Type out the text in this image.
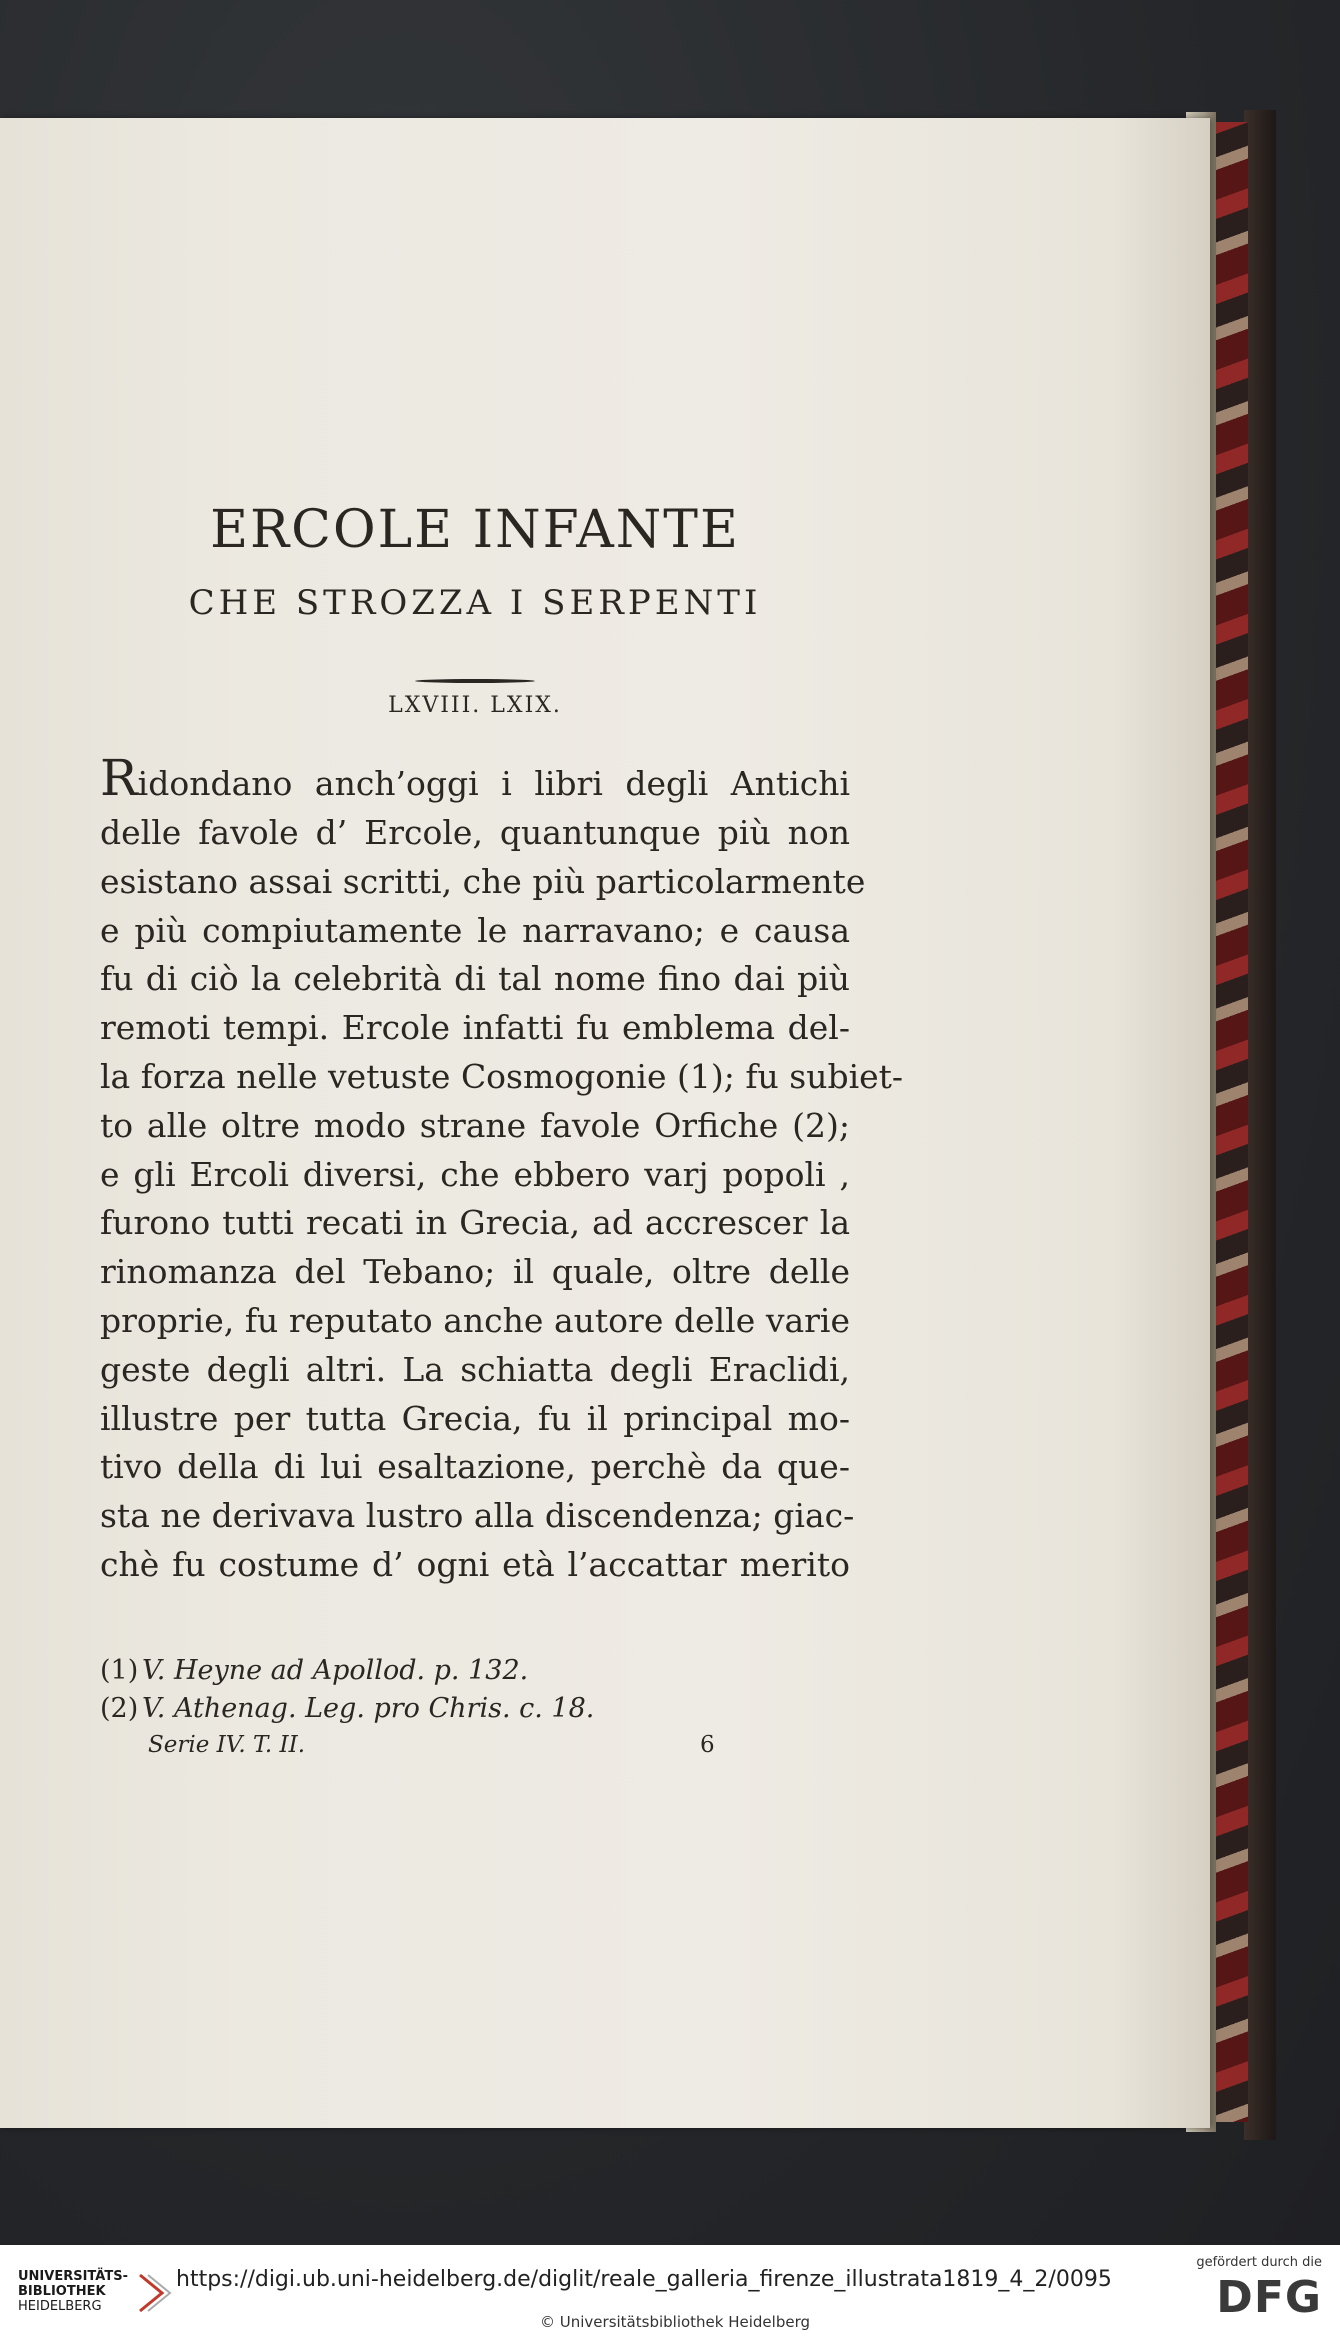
ERCOLE INFANTE
CHE STROZZA I SERPENTI
LXVIII. LXIX.
Ridondano anch’oggi i libri degli Antichi
delle favole d’ Ercole, quantunque più non
esistano assai scritti, che più particolarmente
e più compiutamente le narravano; e causa
fu di ciò la celebrità di tal nome fino dai più
remoti tempi. Ercole infatti fu emblema del-
la forza nelle vetuste Cosmogonie (1); fu subiet-
to alle oltre modo strane favole Orfiche (2);
e gli Ercoli diversi, che ebbero varj popoli ,
furono tutti recati in Grecia, ad accrescer la
rinomanza del Tebano; il quale, oltre delle
proprie, fu reputato anche autore delle varie
geste degli altri. La schiatta degli Eraclidi,
illustre per tutta Grecia, fu il principal mo-
tivo della di lui esaltazione, perchè da que-
sta ne derivava lustro alla discendenza; giac-
chè fu costume d’ ogni età l’accattar merito
(1) V. Heyne ad Apollod. p. 132.
(2) V. Athenag. Leg. pro Chris. c. 18.
Serie IV. T. II.	6
UNIVERSITÄTS-
BIBLIOTHEK
HEIDELBERG
https://digi.ub.uni-heidelberg.de/diglit/reale_galleria_firenze_illustrata1819_4_2/0095
© Universitätsbibliothek Heidelberg
gefördert durch die
DFG
